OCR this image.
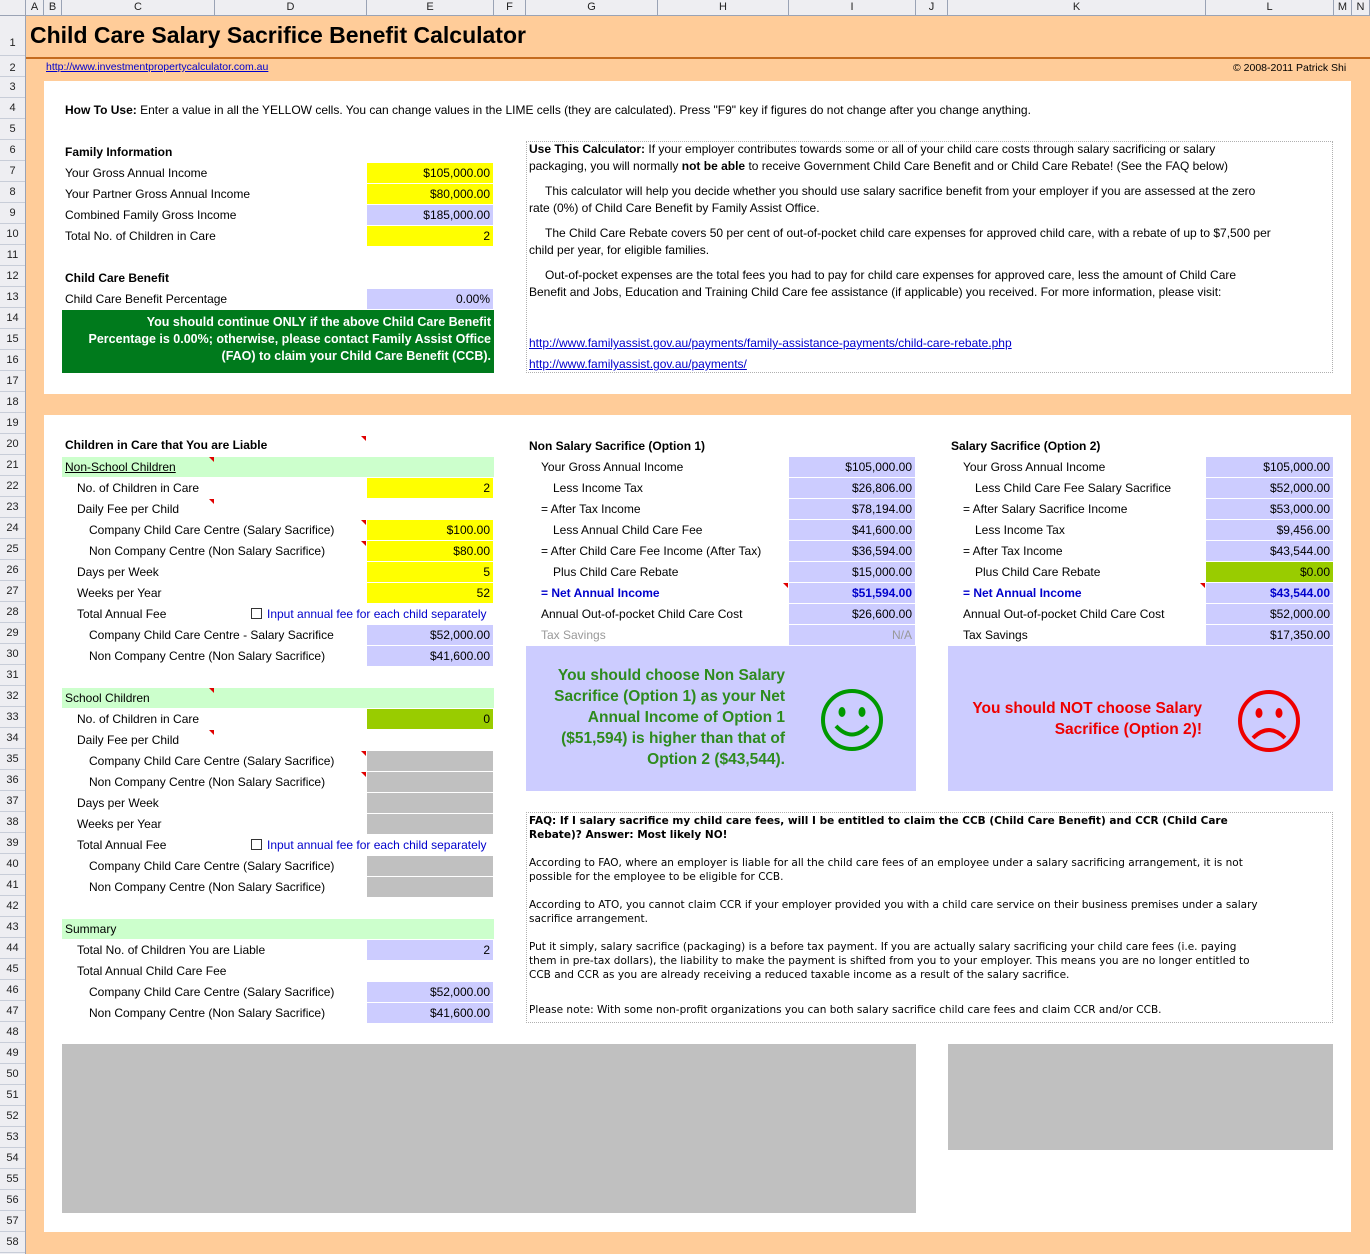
A B	C	D	E	F	G	H	I	J	K	L	M N
1
2
3
4
5
6
7
8
9
10
11
12
13
14
15
16
17
18
19
20
21
22
23
24
25
26
27
28
29
30
31
32
33
34
35
36
37
38
39
40
41
42
43
44
45
46
47
48
49
50
51
52
53
54
55
56
57
58
Child Care Salary Sacrifice Benefit Calculator
http://www.investmentpropertycalculator.com.au	© 2008-2011 Patrick Shi
How To Use: Enter a value in all the YELLOW cells. You can change values in the LIME cells (they are calculated). Press "F9" key if figures do not change after you change anything.
Family Information
Your Gross Annual Income	$105,000.00
Your Partner Gross Annual Income	$80,000.00
Combined Family Gross Income	$185,000.00
Total No. of Children in Care	2
Child Care Benefit
Child Care Benefit Percentage	0.00%
You should continue ONLY if the above Child Care Benefit
Percentage is 0.00%; otherwise, please contact Family Assist Office
(FAO) to claim your Child Care Benefit (CCB).
Use This Calculator: If your employer contributes towards some or all of your child care costs through salary sacrificing or salary
packaging, you will normally not be able to receive Government Child Care Benefit and or Child Care Rebate! (See the FAQ below)
This calculator will help you decide whether you should use salary sacrifice benefit from your employer if you are assessed at the zero
rate (0%) of Child Care Benefit by Family Assist Office.
The Child Care Rebate covers 50 per cent of out-of-pocket child care expenses for approved child care, with a rebate of up to $7,500 per
child per year, for eligible families.
Out-of-pocket expenses are the total fees you had to pay for child care expenses for approved care, less the amount of Child Care
Benefit and Jobs, Education and Training Child Care fee assistance (if applicable) you received. For more information, please visit:
http://www.familyassist.gov.au/payments/family-assistance-payments/child-care-rebate.php
http://www.familyassist.gov.au/payments/
Children in Care that You are Liable
Non-School Children
No. of Children in Care	2
Daily Fee per Child
Company Child Care Centre (Salary Sacrifice)	$100.00
Non Company Centre (Non Salary Sacrifice)	$80.00
Days per Week	5
Weeks per Year	52
Total Annual Fee	Input annual fee for each child separately
Company Child Care Centre - Salary Sacrifice	$52,000.00
Non Company Centre (Non Salary Sacrifice)	$41,600.00
School Children
No. of Children in Care	0
Daily Fee per Child
Company Child Care Centre (Salary Sacrifice)
Non Company Centre (Non Salary Sacrifice)
Days per Week
Weeks per Year
Total Annual Fee	Input annual fee for each child separately
Company Child Care Centre (Salary Sacrifice)
Non Company Centre (Non Salary Sacrifice)
Summary
Total No. of Children You are Liable	2
Total Annual Child Care Fee
Company Child Care Centre (Salary Sacrifice)	$52,000.00
Non Company Centre (Non Salary Sacrifice)	$41,600.00
Non Salary Sacrifice (Option 1)
Your Gross Annual Income	$105,000.00
Less Income Tax	$26,806.00
= After Tax Income	$78,194.00
Less Annual Child Care Fee	$41,600.00
= After Child Care Fee Income (After Tax)	$36,594.00
Plus Child Care Rebate	$15,000.00
= Net Annual Income	$51,594.00
Annual Out-of-pocket Child Care Cost	$26,600.00
Tax Savings	N/A
You should choose Non Salary
Sacrifice (Option 1) as your Net
Annual Income of Option 1
($51,594) is higher than that of
Option 2 ($43,544).
Salary Sacrifice (Option 2)
Your Gross Annual Income	$105,000.00
Less Child Care Fee Salary Sacrifice	$52,000.00
= After Salary Sacrifice Income	$53,000.00
Less Income Tax	$9,456.00
= After Tax Income	$43,544.00
Plus Child Care Rebate	$0.00
= Net Annual Income	$43,544.00
Annual Out-of-pocket Child Care Cost	$52,000.00
Tax Savings	$17,350.00
You should NOT choose Salary
Sacrifice (Option 2)!
FAQ: If I salary sacrifice my child care fees, will I be entitled to claim the CCB (Child Care Benefit) and CCR (Child Care
Rebate)? Answer: Most likely NO!
According to FAO, where an employer is liable for all the child care fees of an employee under a salary sacrificing arrangement, it is not
possible for the employee to be eligible for CCB.
According to ATO, you cannot claim CCR if your employer provided you with a child care service on their business premises under a salary
sacrifice arrangement.
Put it simply, salary sacrifice (packaging) is a before tax payment. If you are actually salary sacrificing your child care fees (i.e. paying
them in pre-tax dollars), the liability to make the payment is shifted from you to your employer. This means you are no longer entitled to
CCB and CCR as you are already receiving a reduced taxable income as a result of the salary sacrifice.
Please note: With some non-profit organizations you can both salary sacrifice child care fees and claim CCR and/or CCB.
